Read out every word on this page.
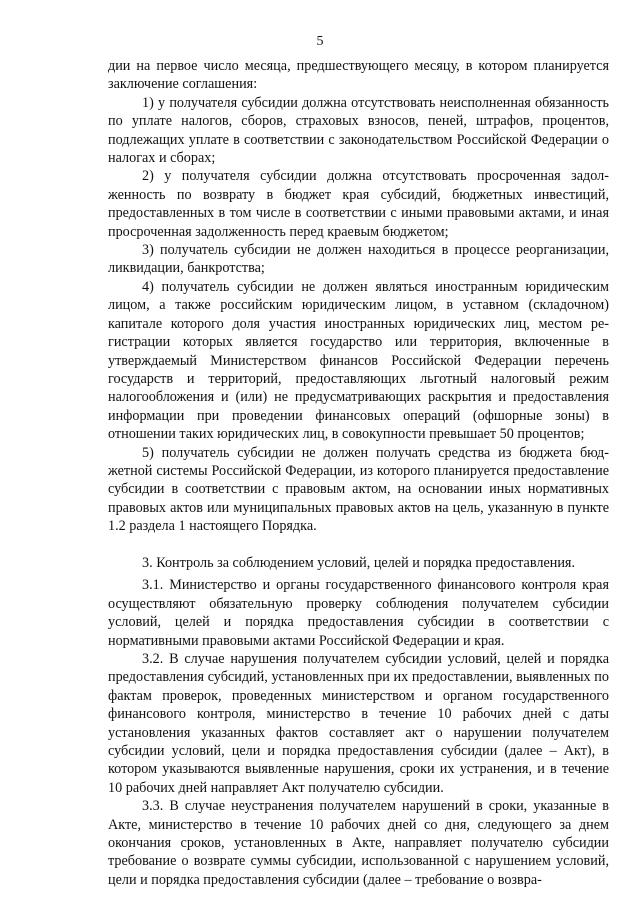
5

дии на первое число месяца, предшествующего месяцу, в котором планируется заключение соглашения:

1) у получателя субсидии должна отсутствовать неисполненная обязанность по уплате налогов, сборов, страховых взносов, пеней, штрафов, процентов, подлежащих уплате в соответствии с законодательством Российской Федерации о налогах и сборах;

2) у получателя субсидии должна отсутствовать просроченная задолженность по возврату в бюджет края субсидий, бюджетных инвестиций, предоставленных в том числе в соответствии с иными правовыми актами, и иная просроченная задолженность перед краевым бюджетом;

3) получатель субсидии не должен находиться в процессе реорганизации, ликвидации, банкротства;

4) получатель субсидии не должен являться иностранным юридическим лицом, а также российским юридическим лицом, в уставном (складочном) капитале которого доля участия иностранных юридических лиц, местом регистрации которых является государство или территория, включенные в утверждаемый Министерством финансов Российской Федерации перечень государств и территорий, предоставляющих льготный налоговый режим налогообложения и (или) не предусматривающих раскрытия и предоставления информации при проведении финансовых операций (офшорные зоны) в отношении таких юридических лиц, в совокупности превышает 50 процентов;

5) получатель субсидии не должен получать средства из бюджета бюджетной системы Российской Федерации, из которого планируется предоставление субсидии в соответствии с правовым актом, на основании иных нормативных правовых актов или муниципальных правовых актов на цель, указанную в пункте 1.2 раздела 1 настоящего Порядка.

3. Контроль за соблюдением условий, целей и порядка предоставления.

3.1. Министерство и органы государственного финансового контроля края осуществляют обязательную проверку соблюдения получателем субсидии условий, целей и порядка предоставления субсидии в соответствии с нормативными правовыми актами Российской Федерации и края.

3.2. В случае нарушения получателем субсидии условий, целей и порядка предоставления субсидий, установленных при их предоставлении, выявленных по фактам проверок, проведенных министерством и органом государственного финансового контроля, министерство в течение 10 рабочих дней с даты установления указанных фактов составляет акт о нарушении получателем субсидии условий, цели и порядка предоставления субсидии (далее – Акт), в котором указываются выявленные нарушения, сроки их устранения, и в течение 10 рабочих дней направляет Акт получателю субсидии.

3.3. В случае неустранения получателем нарушений в сроки, указанные в Акте, министерство в течение 10 рабочих дней со дня, следующего за днем окончания сроков, установленных в Акте, направляет получателю субсидии требование о возврате суммы субсидии, использованной с нарушением условий, цели и порядка предоставления субсидии (далее – требование о возвра-
